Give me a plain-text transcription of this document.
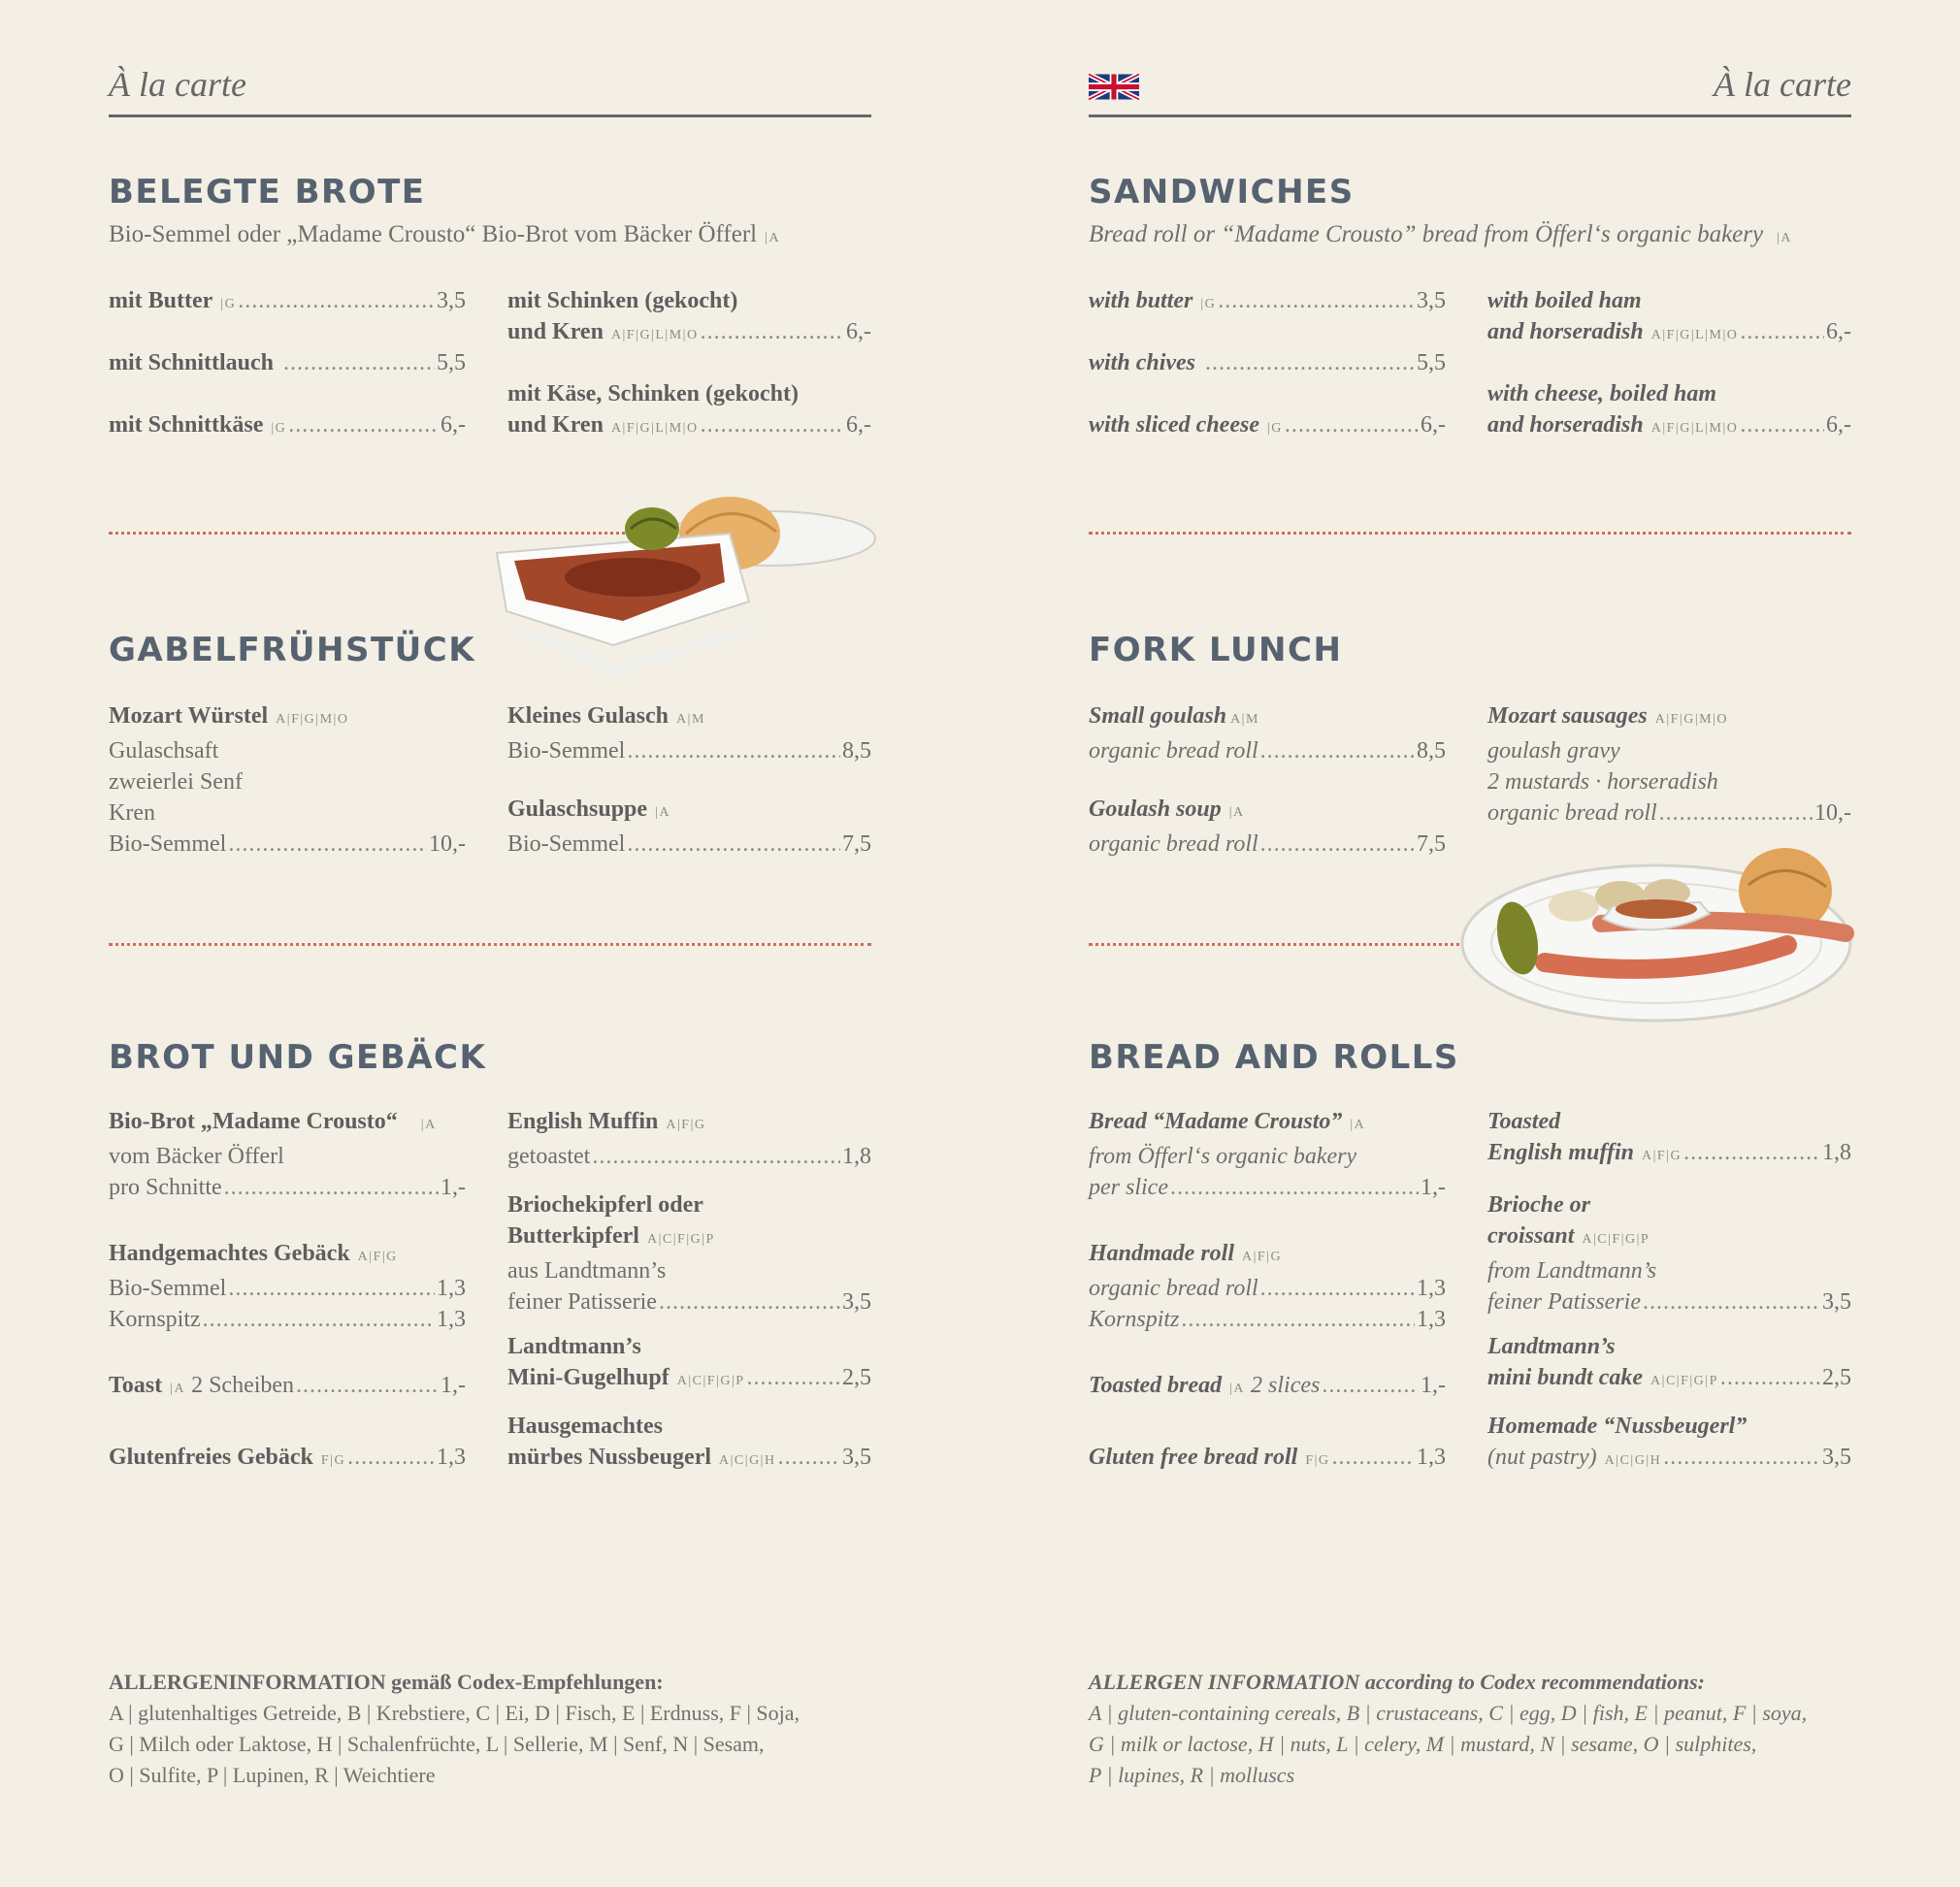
À la carte
BELEGTE BROTE
Bio-Semmel oder „Madame Crousto“ Bio-Brot vom Bäcker Öfferl |A
mit Butter |G .....	3,5
mit Schnittlauch .....	5,5
mit Schnittkäse |G .....	6,-
mit Schinken (gekocht)
und Kren A|F|G|L|M|O .....	6,-
mit Käse, Schinken (gekocht)
und Kren A|F|G|L|M|O .....	6,-
GABELFRÜHSTÜCK
Mozart Würstel A|F|G|M|O
Gulaschsaft
zweierlei Senf
Kren
Bio-Semmel .....	10,-
Kleines Gulasch A|M
Bio-Semmel .....	8,5
Gulaschsuppe |A
Bio-Semmel .....	7,5
BROT UND GEBÄCK
Bio-Brot „Madame Crousto“ |A
vom Bäcker Öfferl
pro Schnitte .....	1,-
Handgemachtes Gebäck A|F|G
Bio-Semmel .....	1,3
Kornspitz .....	1,3
Toast |A 2 Scheiben .....	1,-
Glutenfreies Gebäck F|G .....	1,3
English Muffin A|F|G
getoastet .....	1,8
Briochekipferl oder
Butterkipferl A|C|F|G|P
aus Landtmann’s
feiner Patisserie .....	3,5
Landtmann’s
Mini-Gugelhupf A|C|F|G|P .....	2,5
Hausgemachtes
mürbes Nussbeugerl A|C|G|H .....	3,5
ALLERGENINFORMATION gemäß Codex-Empfehlungen:
A | glutenhaltiges Getreide, B | Krebstiere, C | Ei, D | Fisch, E | Erdnuss, F | Soja,
G | Milch oder Laktose, H | Schalenfrüchte, L | Sellerie, M | Senf, N | Sesam,
O | Sulfite, P | Lupinen, R | Weichtiere
À la carte
SANDWICHES
Bread roll or “Madame Crousto” bread from Öfferl‘s organic bakery |A
with butter |G .....	3,5
with chives .....	5,5
with sliced cheese |G .....	6,-
with boiled ham
and horseradish A|F|G|L|M|O .....	6,-
with cheese, boiled ham
and horseradish A|F|G|L|M|O .....	6,-
FORK LUNCH
Small goulash A|M
organic bread roll .....	8,5
Goulash soup |A
organic bread roll .....	7,5
Mozart sausages A|F|G|M|O
goulash gravy
2 mustards · horseradish
organic bread roll .....	10,-
BREAD AND ROLLS
Bread “Madame Crousto” |A
from Öfferl‘s organic bakery
per slice .....	1,-
Handmade roll A|F|G
organic bread roll .....	1,3
Kornspitz .....	1,3
Toasted bread |A 2 slices .....	1,-
Gluten free bread roll F|G .....	1,3
Toasted
English muffin A|F|G .....	1,8
Brioche or
croissant A|C|F|G|P
from Landtmann’s
feiner Patisserie .....	3,5
Landtmann’s
mini bundt cake A|C|F|G|P .....	2,5
Homemade “Nussbeugerl”
(nut pastry) A|C|G|H .....	3,5
ALLERGEN INFORMATION according to Codex recommendations:
A | gluten-containing cereals, B | crustaceans, C | egg, D | fish, E | peanut, F | soya,
G | milk or lactose, H | nuts, L | celery, M | mustard, N | sesame, O | sulphites,
P | lupines, R | molluscs
